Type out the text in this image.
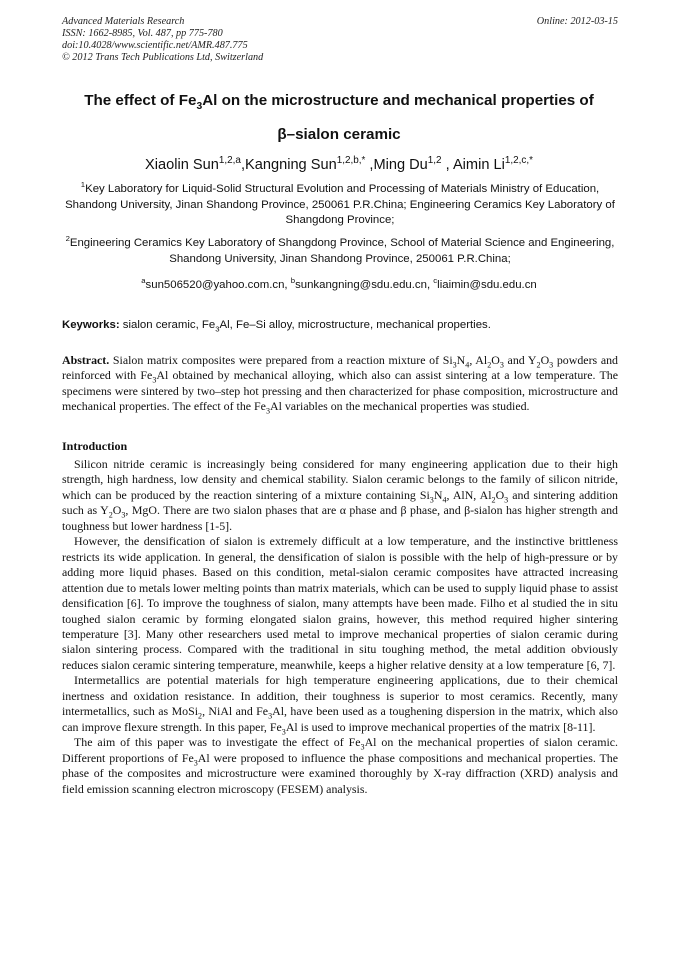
Advanced Materials Research
ISSN: 1662-8985, Vol. 487, pp 775-780
doi:10.4028/www.scientific.net/AMR.487.775
© 2012 Trans Tech Publications Ltd, Switzerland
Online: 2012-03-15
The effect of $Fe_3Al$ on the microstructure and mechanical properties of
β–sialon ceramic
Xiaolin Sun$^{1,2,a}$,Kangning Sun$^{1,2,b,*}$ ,Ming Du$^{1,2}$ , Aimin $Li^{1,2,c,*}$
$^1$Key Laboratory for Liquid-Solid Structural Evolution and Processing of Materials Ministry of Education, Shandong University, Jinan Shandong Province, 250061 P.R.China; Engineering Ceramics Key Laboratory of Shangdong Province;
$^2$Engineering Ceramics Key Laboratory of Shangdong Province, School of Material Science and Engineering, Shandong University, Jinan Shandong Province, 250061 P.R.China;
$^a$sun506520@yahoo.com.cn, $^b$sunkangning@sdu.edu.cn, $^c$liaimin@sdu.edu.cn
Keyworks: sialon ceramic, $Fe_3Al$, Fe–Si alloy, microstructure, mechanical properties.
Abstract. Sialon matrix composites were prepared from a reaction mixture of $Si_3N_4$, $Al_2O_3$ and $Y_2O_3$ powders and reinforced with $Fe_3Al$ obtained by mechanical alloying, which also can assist sintering at a low temperature. The specimens were sintered by two–step hot pressing and then characterized for phase composition, microstructure and mechanical properties. The effect of the $Fe_3Al$ variables on the mechanical properties was studied.
Introduction

Silicon nitride ceramic is increasingly being considered for many engineering application due to their high strength, high hardness, low density and chemical stability. Sialon ceramic belongs to the family of silicon nitride, which can be produced by the reaction sintering of a mixture containing $Si_3N_4$, AlN, $Al_2O_3$ and sintering addition such as $Y_2O_3$, MgO. There are two sialon phases that are α phase and β phase, and β-sialon has higher strength and toughness but lower hardness [1-5].

However, the densification of sialon is extremely difficult at a low temperature, and the instinctive brittleness restricts its wide application. In general, the densification of sialon is possible with the help of high-pressure or by adding more liquid phases. Based on this condition, metal-sialon ceramic composites have attracted increasing attention due to metals lower melting points than matrix materials, which can be used to supply liquid phase to assist densification [6]. To improve the toughness of sialon, many attempts have been made. Filho et al studied the in situ toughed sialon ceramic by forming elongated sialon grains, however, this method required higher sintering temperature [3]. Many other researchers used metal to improve mechanical properties of sialon ceramic during sialon sintering process. Compared with the traditional in situ toughing method, the metal addition obviously reduces sialon ceramic sintering temperature, meanwhile, keeps a higher relative density at a low temperature [6, 7].

Intermetallics are potential materials for high temperature engineering applications, due to their chemical inertness and oxidation resistance. In addition, their toughness is superior to most ceramics. Recently, many intermetallics, such as MoSi$_2$, NiAl and $Fe_3Al$, have been used as a toughening dispersion in the matrix, which also can improve flexure strength. In this paper, $Fe_3Al$ is used to improve mechanical properties of the matrix [8-11].

The aim of this paper was to investigate the effect of $Fe_3Al$ on the mechanical properties of sialon ceramic. Different proportions of $Fe_3Al$ were proposed to influence the phase compositions and mechanical properties. The phase of the composites and microstructure were examined thoroughly by X-ray diffraction (XRD) analysis and field emission scanning electron microscopy (FESEM) analysis.
